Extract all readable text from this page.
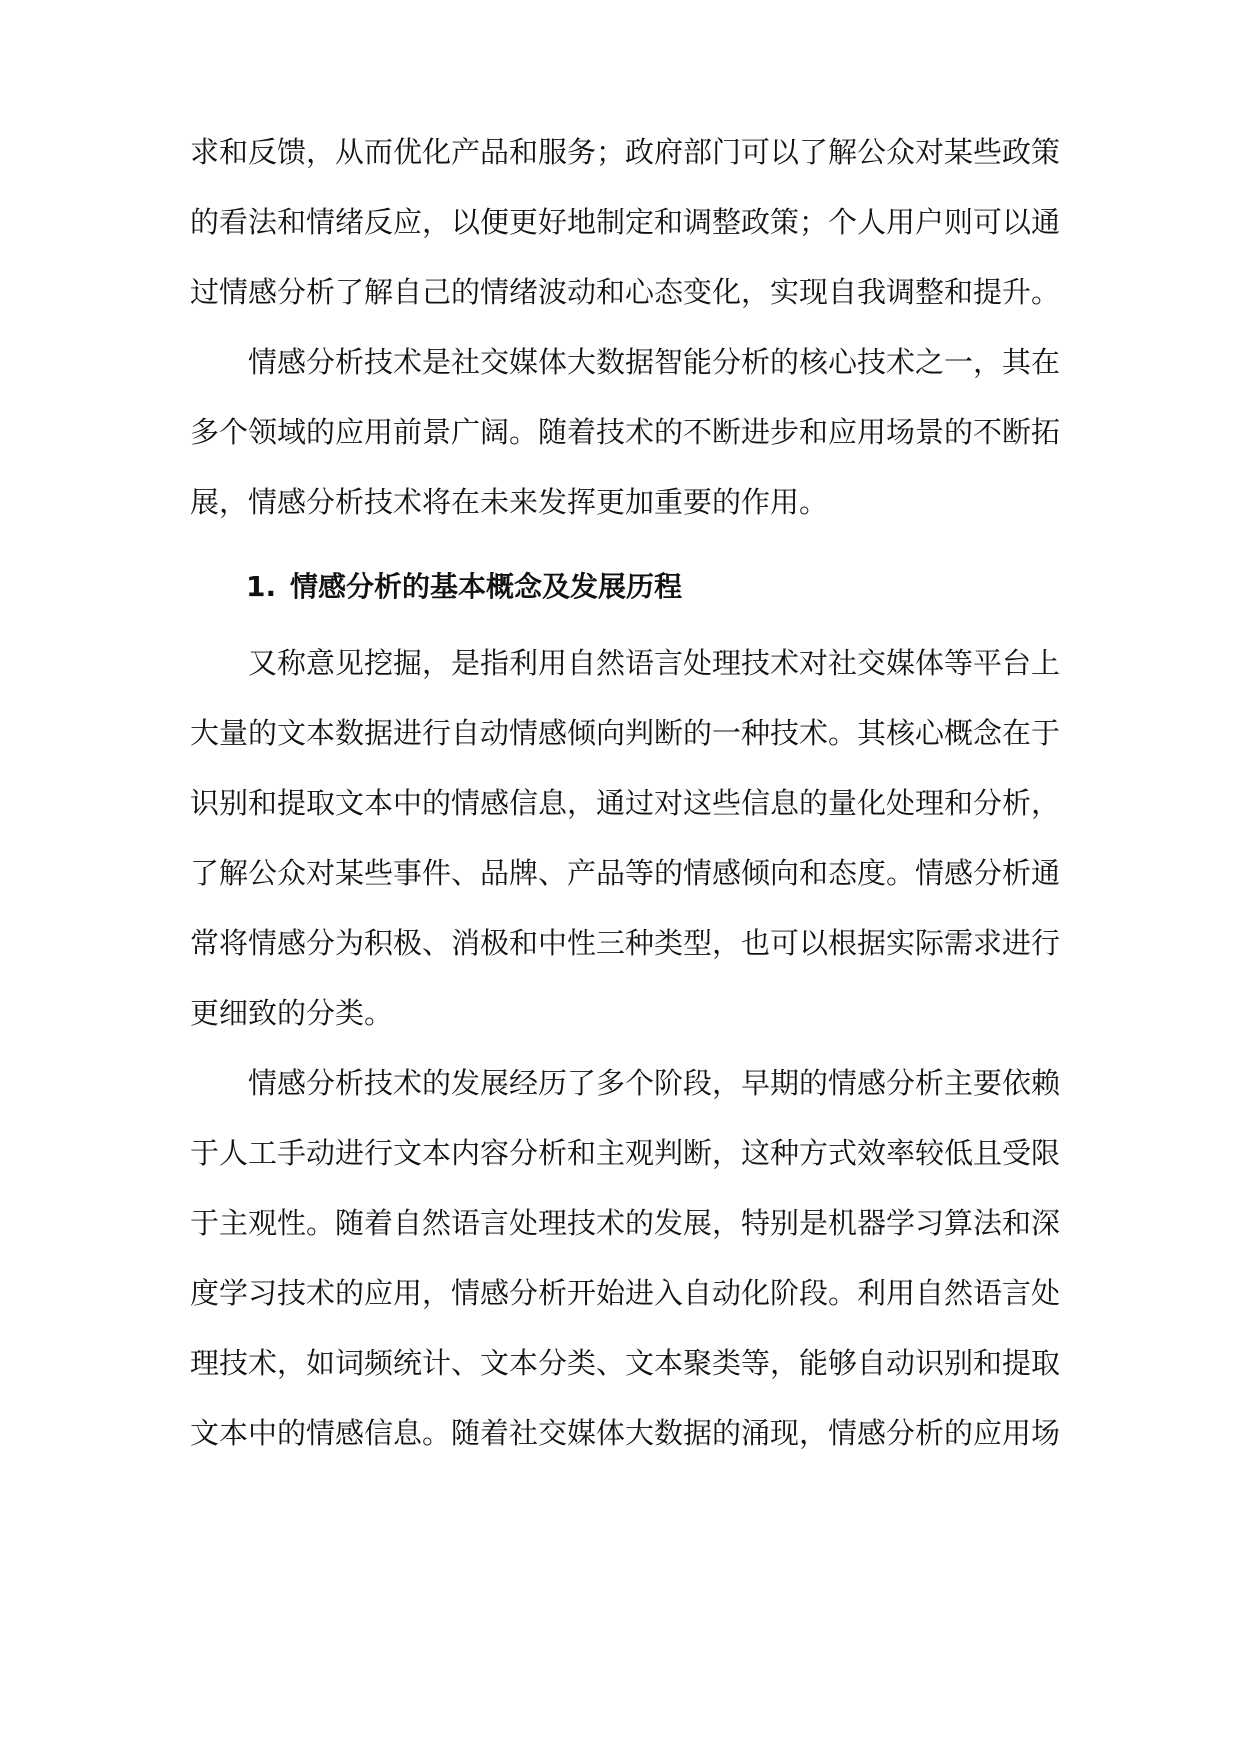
求和反馈，从而优化产品和服务；政府部门可以了解公众对某些政策
的看法和情绪反应，以便更好地制定和调整政策；个人用户则可以通
过情感分析了解自己的情绪波动和心态变化，实现自我调整和提升。
情感分析技术是社交媒体大数据智能分析的核心技术之一，其在
多个领域的应用前景广阔。随着技术的不断进步和应用场景的不断拓
展，情感分析技术将在未来发挥更加重要的作用。
1. 情感分析的基本概念及发展历程
又称意见挖掘，是指利用自然语言处理技术对社交媒体等平台上
大量的文本数据进行自动情感倾向判断的一种技术。其核心概念在于
识别和提取文本中的情感信息，通过对这些信息的量化处理和分析，
了解公众对某些事件、品牌、产品等的情感倾向和态度。情感分析通
常将情感分为积极、消极和中性三种类型，也可以根据实际需求进行
更细致的分类。
情感分析技术的发展经历了多个阶段，早期的情感分析主要依赖
于人工手动进行文本内容分析和主观判断，这种方式效率较低且受限
于主观性。随着自然语言处理技术的发展，特别是机器学习算法和深
度学习技术的应用，情感分析开始进入自动化阶段。利用自然语言处
理技术，如词频统计、文本分类、文本聚类等，能够自动识别和提取
文本中的情感信息。随着社交媒体大数据的涌现，情感分析的应用场
